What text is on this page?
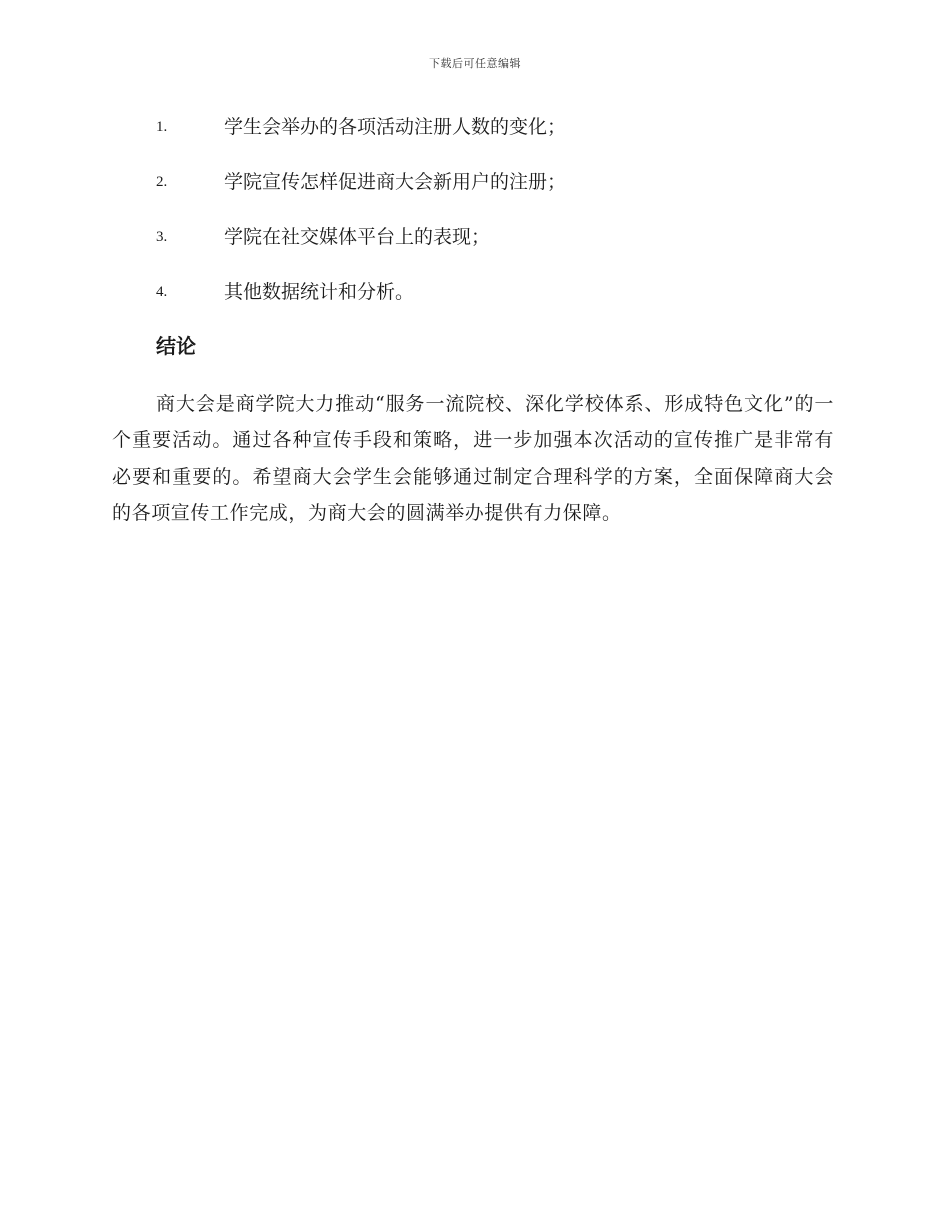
下载后可任意编辑
1.	学生会举办的各项活动注册人数的变化；
2.	学院宣传怎样促进商大会新用户的注册；
3.	学院在社交媒体平台上的表现；
4.	其他数据统计和分析。
结论

商大会是商学院大力推动“服务一流院校、深化学校体系、形成特色文化”的一个重要活动。通过各种宣传手段和策略，进一步加强本次活动的宣传推广是非常有必要和重要的。希望商大会学生会能够通过制定合理科学的方案，全面保障商大会的各项宣传工作完成，为商大会的圆满举办提供有力保障。
